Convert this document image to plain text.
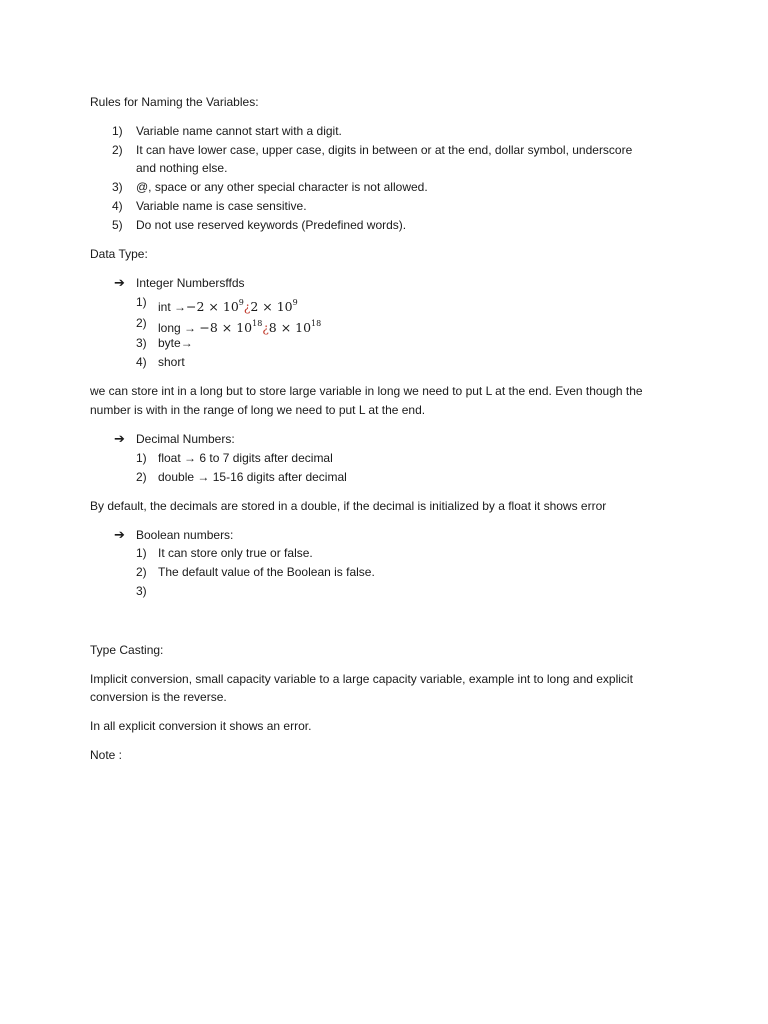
Rules for Naming the Variables:
1)	Variable name cannot start with a digit.
2)	It can have lower case, upper case, digits in between or at the end, dollar symbol, underscore
and nothing else.
3)	@, space or any other special character is not allowed.
4)	Variable name is case sensitive.
5)	Do not use reserved keywords (Predefined words).
Data Type:
➔ Integer Numbersffds
1) int $\to-2 \times 10^9¿2 \times 10^9$
2) long → $-8 \times 10^{18}¿8 \times 10^{18}$
3) byte→
4) short
we can store int in a long but to store large variable in long we need to put L at the end. Even though the
number is with in the range of long we need to put L at the end.
➔ Decimal Numbers:
1) float → 6 to 7 digits after decimal
2) double → 15-16 digits after decimal
By default, the decimals are stored in a double, if the decimal is initialized by a float it shows error
➔ Boolean numbers:
1) It can store only true or false.
2) The default value of the Boolean is false.
3)
Type Casting:
Implicit conversion, small capacity variable to a large capacity variable, example int to long and explicit
conversion is the reverse.
In all explicit conversion it shows an error.
Note :
